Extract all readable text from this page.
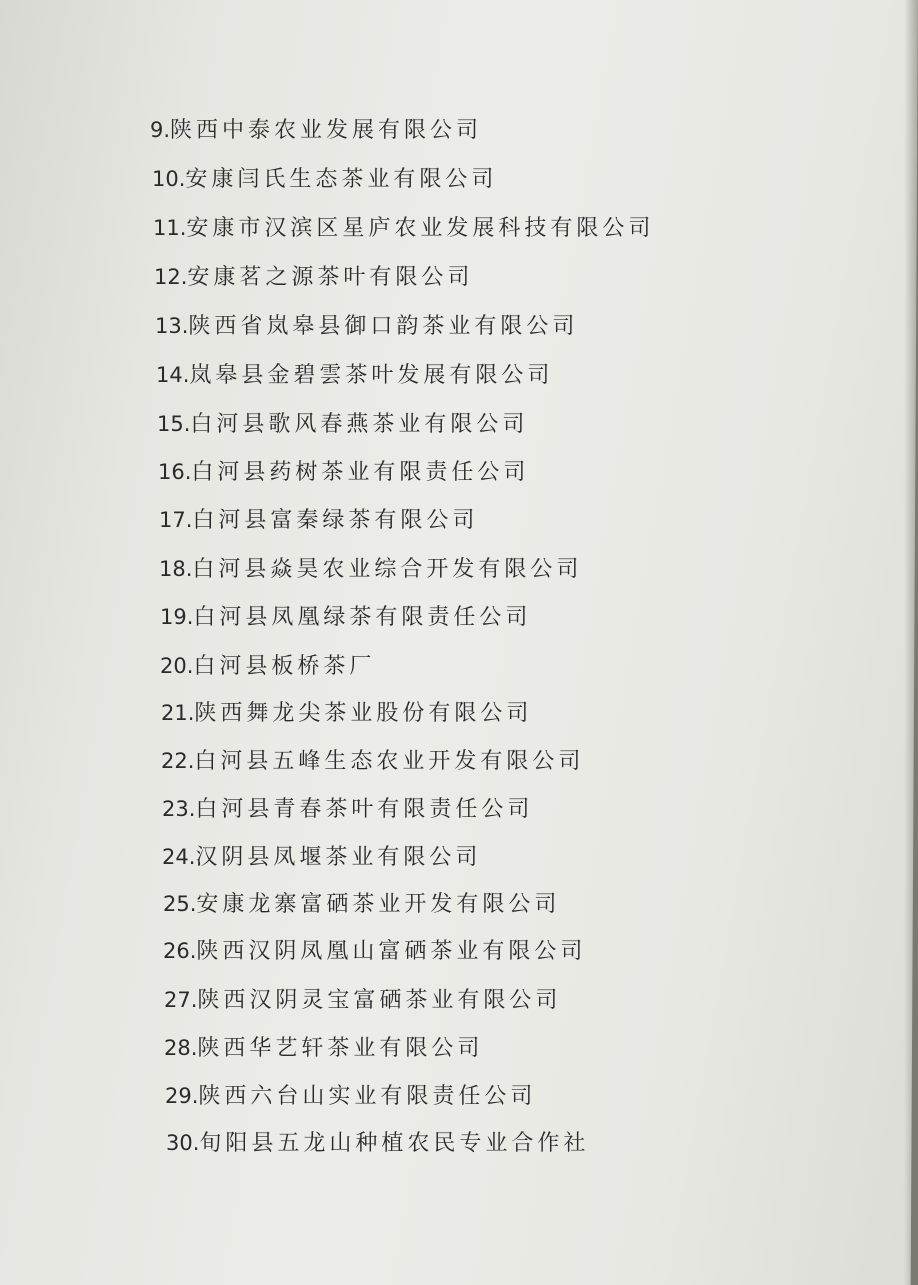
9.陕西中泰农业发展有限公司
10.安康闫氏生态茶业有限公司
11.安康市汉滨区星庐农业发展科技有限公司
12.安康茗之源茶叶有限公司
13.陕西省岚皋县御口韵茶业有限公司
14.岚皋县金碧雲茶叶发展有限公司
15.白河县歌风春燕茶业有限公司
16.白河县药树茶业有限责任公司
17.白河县富秦绿茶有限公司
18.白河县焱昊农业综合开发有限公司
19.白河县凤凰绿茶有限责任公司
20.白河县板桥茶厂
21.陕西舞龙尖茶业股份有限公司
22.白河县五峰生态农业开发有限公司
23.白河县青春茶叶有限责任公司
24.汉阴县凤堰茶业有限公司
25.安康龙寨富硒茶业开发有限公司
26.陕西汉阴凤凰山富硒茶业有限公司
27.陕西汉阴灵宝富硒茶业有限公司
28.陕西华艺轩茶业有限公司
29.陕西六台山实业有限责任公司
30.旬阳县五龙山种植农民专业合作社
